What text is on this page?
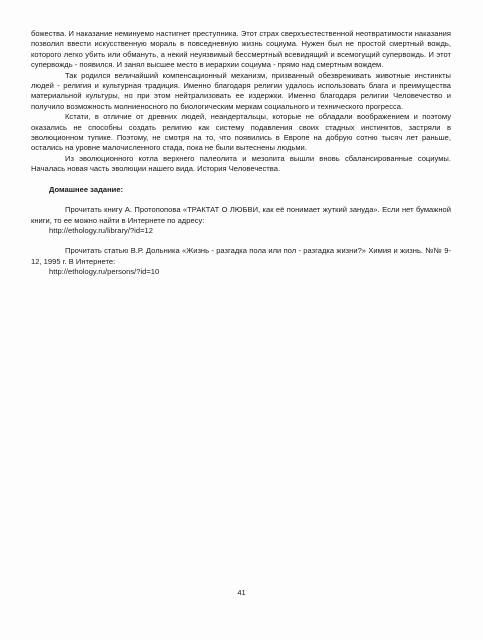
божества. И наказание неминуемо настигнет преступника. Этот страх сверхъестественной неотвратимости наказания позволил ввести искусственную мораль в повседневную жизнь социума. Нужен был не простой смертный вождь, которого легко убить или обмануть, а некий неуязвимый бессмертный всевидящий и всемогущий супервождь. И этот супервождь - появился. И занял высшее место в иерархии социума - прямо над смертным вождем.

Так родился величайший компенсационный механизм, призванный обезвреживать животные инстинкты людей - религия и культурная традиция. Именно благодаря религии удалось использовать блага и преимущества материальной культуры, но при этом нейтрализовать ее издержки. Именно благодаря религии Человечество и получило возможность молниеносного по биологическим меркам социального и технического прогресса.

Кстати, в отличие от древних людей, неандертальцы, которые не обладали воображением и поэтому оказались не способны создать религию как систему подавления своих стадных инстинктов, застряли в эволюционном тупике. Поэтому, не смотря на то, что появились в Европе на добрую сотню тысяч лет раньше, остались на уровне малочисленного стада, пока не были вытеснены людьми.

Из эволюционного котла верхнего палеолита и мезолита вышли вновь сбалансированные социумы. Началась новая часть эволюции нашего вида. История Человечества.

Домашнее задание:

Прочитать книгу А. Протопопова «ТРАКТАТ О ЛЮБВИ, как её понимает жуткий зануда». Если нет бумажной книги, то ее можно найти в Интернете по адресу:

http://ethology.ru/library/?id=12

Прочитать статью В.Р. Дольника «Жизнь - разгадка пола или пол - разгадка жизни?» Химия и жизнь. №№ 9-12, 1995 г. В Интернете:

http://ethology.ru/persons/?id=10

41
